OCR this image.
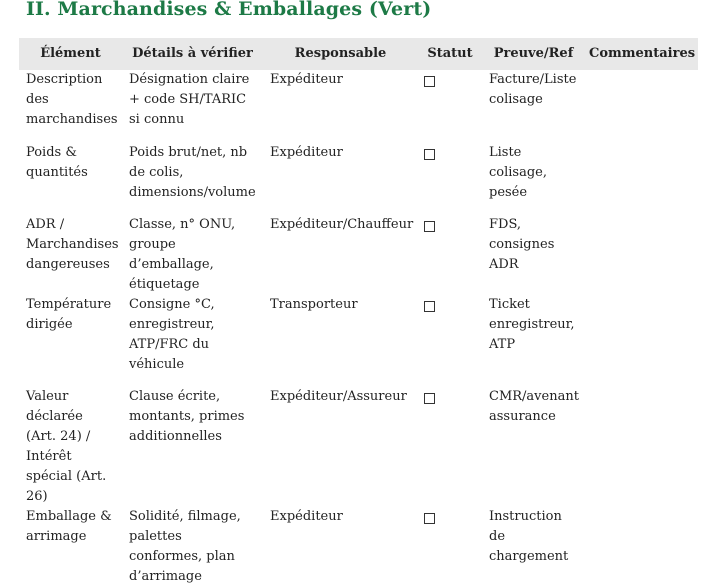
II. Marchandises & Emballages (Vert)
Élément	Détails à vérifier	Responsable	Statut	Preuve/Ref	Commentaires
Description des marchandises	Désignation claire + code SH/TARIC si connu	Expéditeur		Facture/Liste colisage	
Poids & quantités	Poids brut/net, nb de colis, dimensions/volume	Expéditeur		Liste colisage, pesée	
ADR / Marchandises dangereuses	Classe, n° ONU, groupe d’emballage, étiquetage	Expéditeur/Chauffeur		FDS, consignes ADR	
Température dirigée	Consigne °C, enregistreur, ATP/FRC du véhicule	Transporteur		Ticket enregistreur, ATP	
Valeur déclarée (Art. 24) / Intérêt spécial (Art. 26)	Clause écrite, montants, primes additionnelles	Expéditeur/Assureur		CMR/avenant assurance	
Emballage & arrimage	Solidité, filmage, palettes conformes, plan d’arrimage	Expéditeur		Instruction de chargement	
